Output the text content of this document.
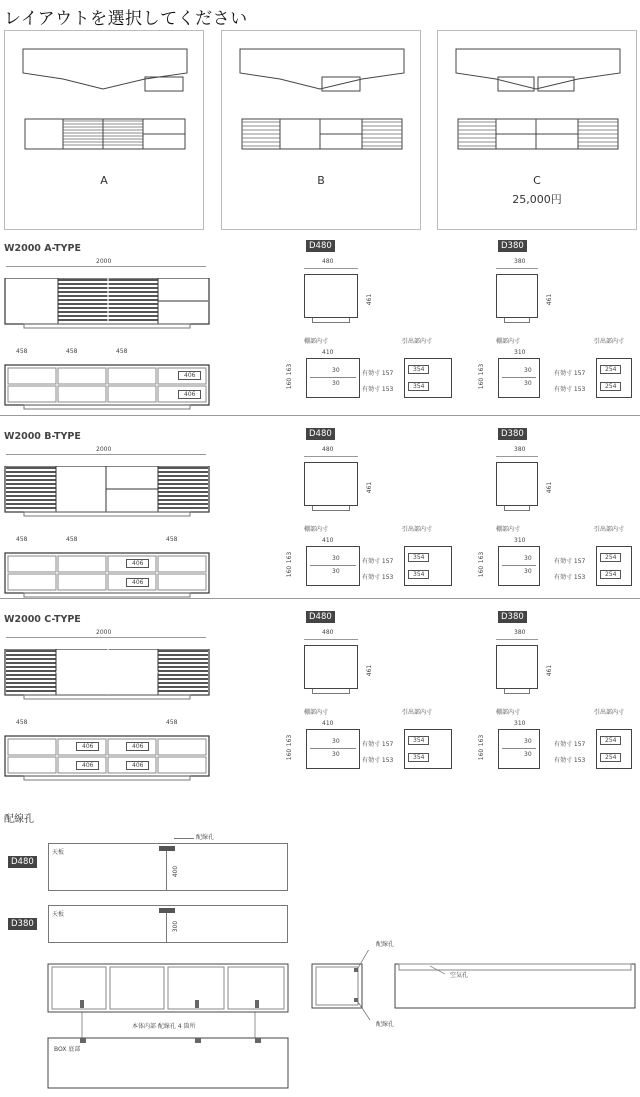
レイアウトを選択してください
A	B	C
25,000円
W2000 A-TYPE
2000
458	458	458
406
406
D480
480
461
棚部内寸	引出部内寸
410
160
163	30
30
有効寸 157
有効寸 153
354
354
D380
380
461
棚部内寸	引出部内寸
310
160
163	30
30
有効寸 157
有効寸 153
254
254
W2000 B-TYPE
2000
458	458	458
406
406
D480
480
461
棚部内寸	引出部内寸
410
160
163	30
30
有効寸 157
有効寸 153
354
354
D380
380
461
棚部内寸	引出部内寸
310
160
163	30
30
有効寸 157
有効寸 153
254
254
W2000 C-TYPE
2000
458	458
406
406
406
406
D480
480
461
棚部内寸	引出部内寸
410
160
163	30
30
有効寸 157
有効寸 153
354
354
D380
380
461
棚部内寸	引出部内寸
310
160
163	30
30
有効寸 157
有効寸 153
254
254
配線孔
D480
天板
400
配線孔
D380
天板
300
配線孔
配線孔
空気孔
本体内部 配線孔 4 箇所
BOX 底部
